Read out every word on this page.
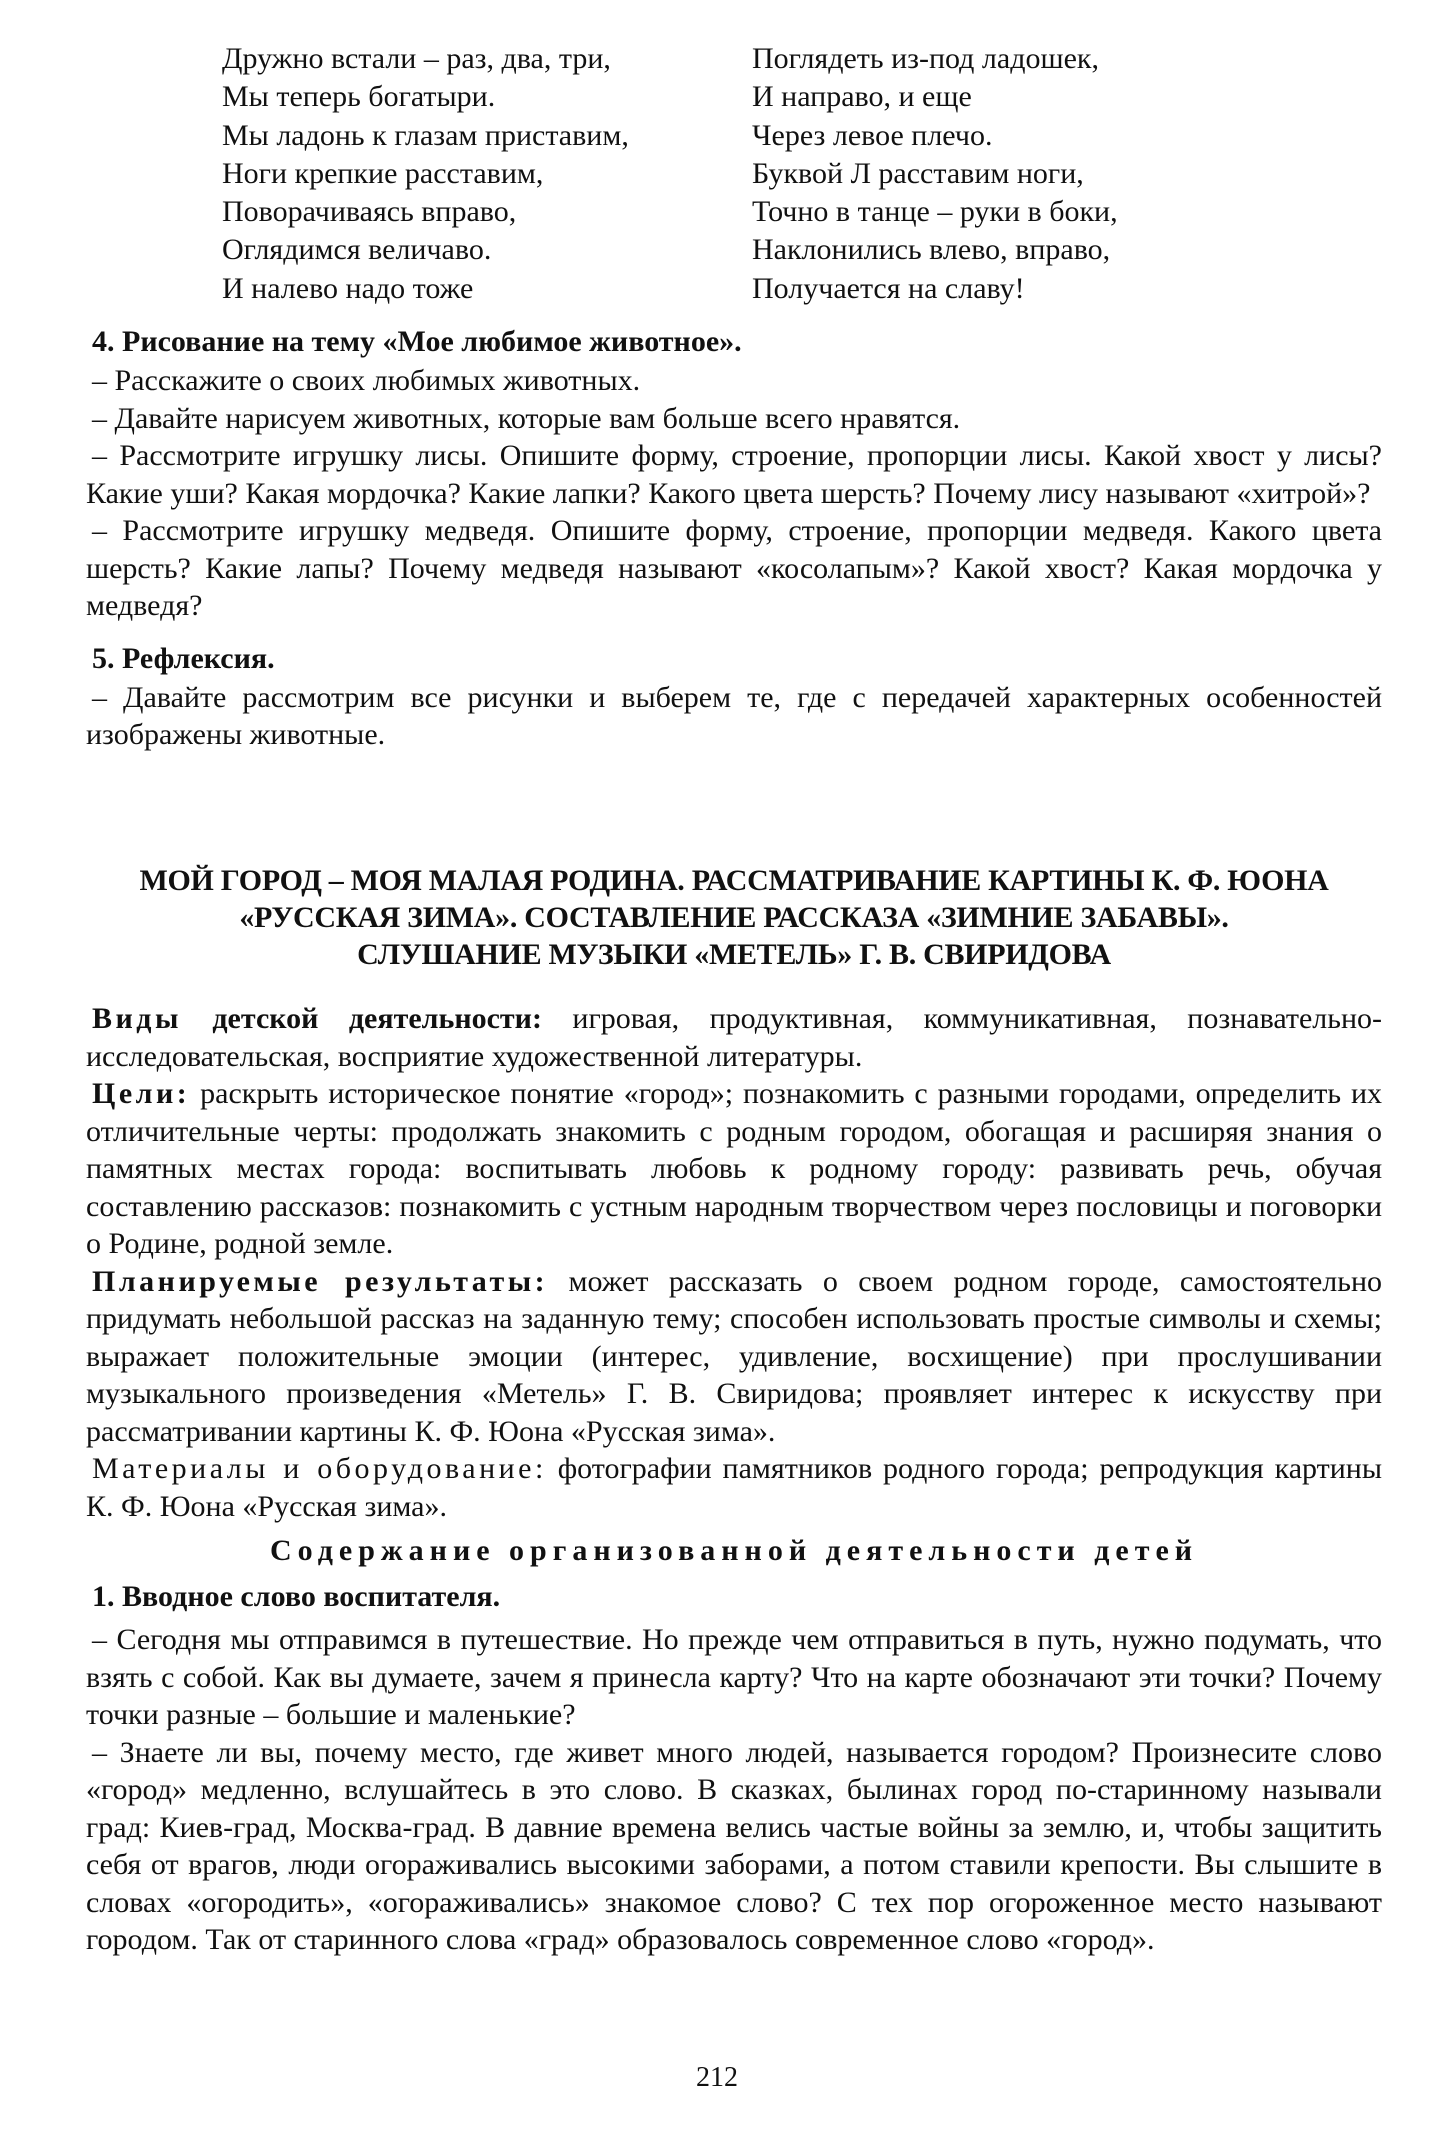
Дружно встали – раз, два, три,
Мы теперь богатыри.
Мы ладонь к глазам приставим,
Ноги крепкие расставим,
Поворачиваясь вправо,
Оглядимся величаво.
И налево надо тоже
Поглядеть из-под ладошек,
И направо, и еще
Через левое плечо.
Буквой Л расставим ноги,
Точно в танце – руки в боки,
Наклонились влево, вправо,
Получается на славу!
4. Рисование на тему «Мое любимое животное».

– Расскажите о своих любимых животных.

– Давайте нарисуем животных, которые вам больше всего нравятся.

– Рассмотрите игрушку лисы. Опишите форму, строение, пропорции лисы. Какой хвост у лисы? Какие уши? Какая мордочка? Какие лапки? Какого цвета шерсть? Почему лису называют «хитрой»?

– Рассмотрите игрушку медведя. Опишите форму, строение, пропорции медведя. Какого цвета шерсть? Какие лапы? Почему медведя называют «косолапым»? Какой хвост? Какая мордочка у медведя?

5. Рефлексия.

– Давайте рассмотрим все рисунки и выберем те, где с передачей характерных особенностей изображены животные.

МОЙ ГОРОД – МОЯ МАЛАЯ РОДИНА. РАССМАТРИВАНИЕ КАРТИНЫ К. Ф. ЮОНА
«РУССКАЯ ЗИМА». СОСТАВЛЕНИЕ РАССКАЗА «ЗИМНИЕ ЗАБАВЫ».
СЛУШАНИЕ МУЗЫКИ «МЕТЕЛЬ» Г. В. СВИРИДОВА

Виды детской деятельности: игровая, продуктивная, коммуникативная, познавательно-исследовательская, восприятие художественной литературы.

Цели: раскрыть историческое понятие «город»; познакомить с разными городами, определить их отличительные черты: продолжать знакомить с родным городом, обогащая и расширяя знания о памятных местах города: воспитывать любовь к родному городу: развивать речь, обучая составлению рассказов: познакомить с устным народным творчеством через пословицы и поговорки о Родине, родной земле.

Планируемые результаты: может рассказать о своем родном городе, самостоятельно придумать небольшой рассказ на заданную тему; способен использовать простые символы и схемы; выражает положительные эмоции (интерес, удивление, восхищение) при прослушивании музыкального произведения «Метель» Г. В. Свиридова; проявляет интерес к искусству при рассматривании картины К. Ф. Юона «Русская зима».

Материалы и оборудование: фотографии памятников родного города; репродукция картины К. Ф. Юона «Русская зима».

Содержание организованной деятельности детей
1. Вводное слово воспитателя.

– Сегодня мы отправимся в путешествие. Но прежде чем отправиться в путь, нужно подумать, что взять с собой. Как вы думаете, зачем я принесла карту? Что на карте обозначают эти точки? Почему точки разные – большие и маленькие?

– Знаете ли вы, почему место, где живет много людей, называется городом? Произнесите слово «город» медленно, вслушайтесь в это слово. В сказках, былинах город по-старинному называли град: Киев-град, Москва-град. В давние времена велись частые войны за землю, и, чтобы защитить себя от врагов, люди огораживались высокими заборами, а потом ставили крепости. Вы слышите в словах «огородить», «огораживались» знакомое слово? С тех пор огороженное место называют городом. Так от старинного слова «град» образовалось современное слово «город».

212
